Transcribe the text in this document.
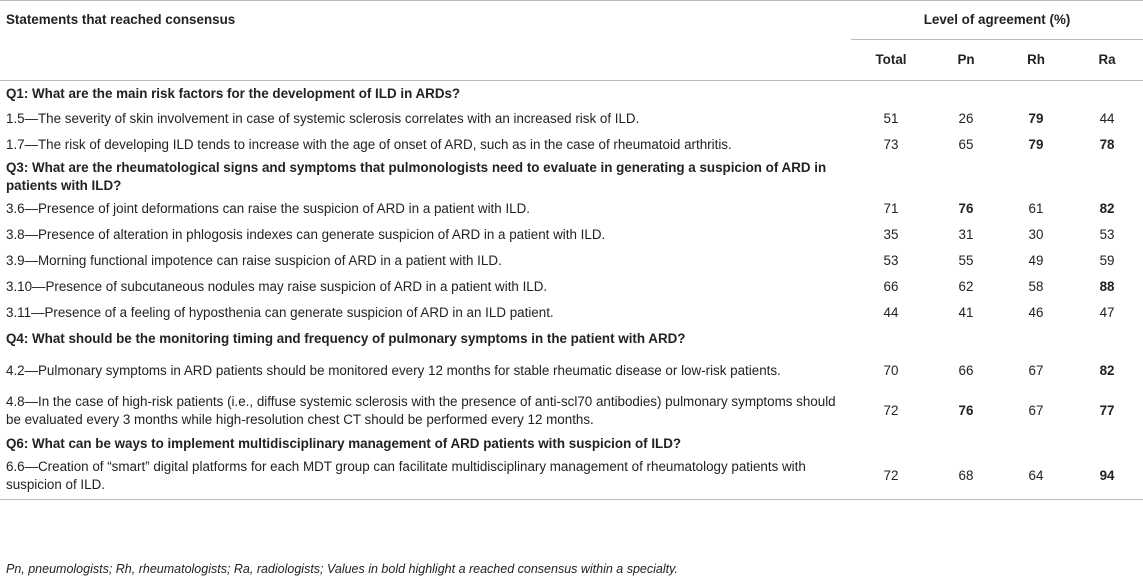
Statements that reached consensus	Level of agreement (%)			
	Total	Pn	Rh	Ra
Q1: What are the main risk factors for the development of ILD in ARDs?				
1.5—The severity of skin involvement in case of systemic sclerosis correlates with an increased risk of ILD.	51	26	79	44
1.7—The risk of developing ILD tends to increase with the age of onset of ARD, such as in the case of rheumatoid arthritis.	73	65	79	78
Q3: What are the rheumatological signs and symptoms that pulmonologists need to evaluate in generating a suspicion of ARD in patients with ILD?				
3.6—Presence of joint deformations can raise the suspicion of ARD in a patient with ILD.	71	76	61	82
3.8—Presence of alteration in phlogosis indexes can generate suspicion of ARD in a patient with ILD.	35	31	30	53
3.9—Morning functional impotence can raise suspicion of ARD in a patient with ILD.	53	55	49	59
3.10—Presence of subcutaneous nodules may raise suspicion of ARD in a patient with ILD.	66	62	58	88
3.11—Presence of a feeling of hyposthenia can generate suspicion of ARD in an ILD patient.	44	41	46	47
Q4: What should be the monitoring timing and frequency of pulmonary symptoms in the patient with ARD?				
4.2—Pulmonary symptoms in ARD patients should be monitored every 12 months for stable rheumatic disease or low-risk patients.	70	66	67	82
4.8—In the case of high-risk patients (i.e., diffuse systemic sclerosis with the presence of anti-scl70 antibodies) pulmonary symptoms should be evaluated every 3 months while high-resolution chest CT should be performed every 12 months.	72	76	67	77
Q6: What can be ways to implement multidisciplinary management of ARD patients with suspicion of ILD?				
6.6—Creation of “smart” digital platforms for each MDT group can facilitate multidisciplinary management of rheumatology patients with suspicion of ILD.	72	68	64	94
Pn, pneumologists; Rh, rheumatologists; Ra, radiologists; Values in bold highlight a reached consensus within a specialty.
